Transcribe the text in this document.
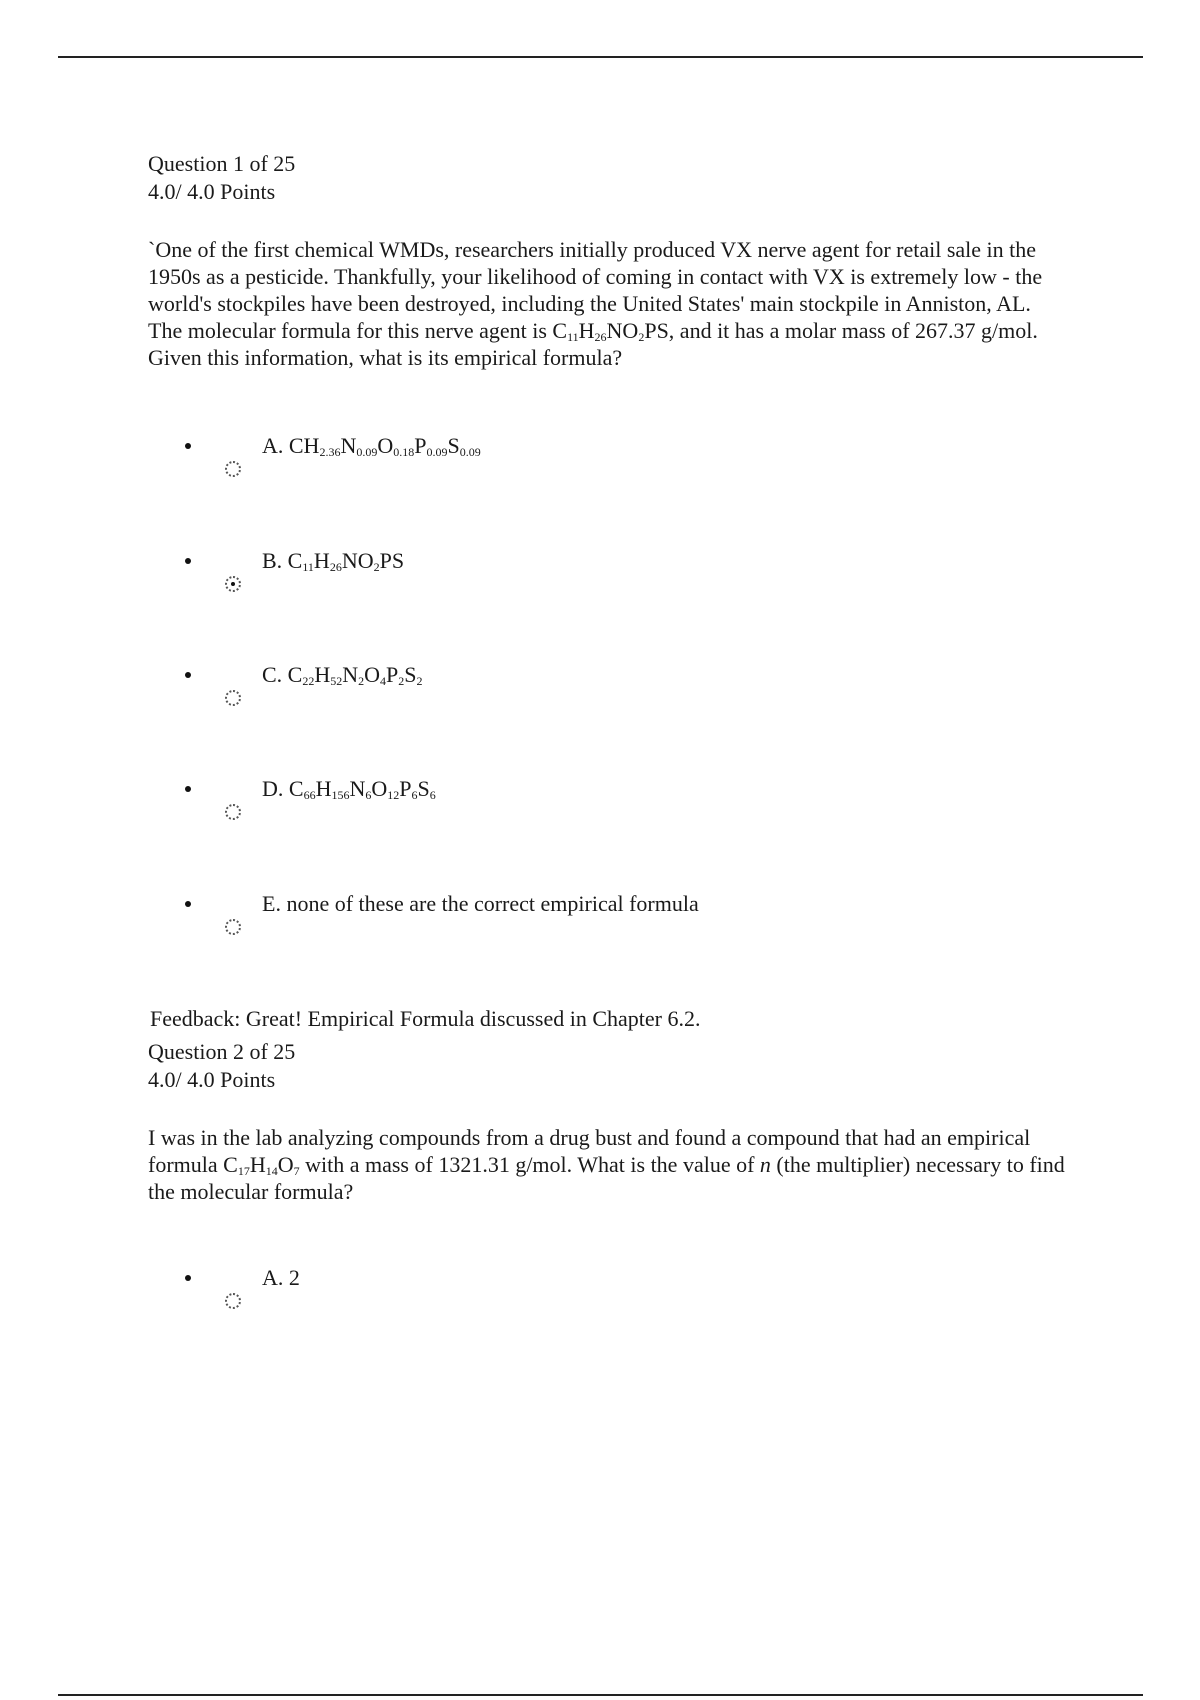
Question 1 of 25
4.0/ 4.0 Points
`One of the first chemical WMDs, researchers initially produced VX nerve agent for retail sale in the 1950s as a pesticide. Thankfully, your likelihood of coming in contact with VX is extremely low - the world's stockpiles have been destroyed, including the United States' main stockpile in Anniston, AL. The molecular formula for this nerve agent is $C_{11}H_{26}NO_2PS$, and it has a molar mass of 267.37 g/mol. Given this information, what is its empirical formula?
A. $CH_{2.36}N_{0.09}O_{0.18}P_{0.09}S_{0.09}$
B. $C_{11}H_{26}NO_2PS$
C. $C_{22}H_{52}N_2O_4P_2S_2$
D. $C_{66}H_{156}N_6O_{12}P_6S_6$
E. none of these are the correct empirical formula
Feedback: Great! Empirical Formula discussed in Chapter 6.2.
Question 2 of 25
4.0/ 4.0 Points
I was in the lab analyzing compounds from a drug bust and found a compound that had an empirical formula $C_{17}H_{14}O_7$ with a mass of 1321.31 g/mol. What is the value of n (the multiplier) necessary to find the molecular formula?
A. 2
